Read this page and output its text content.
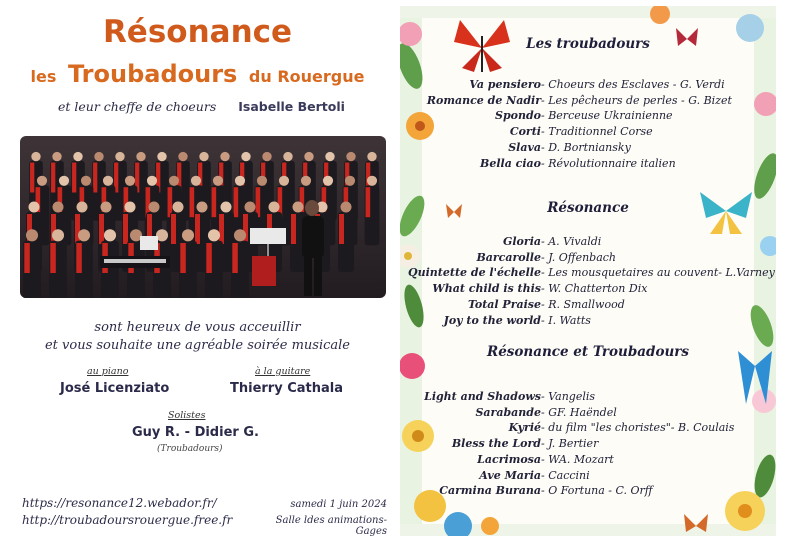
Résonance
les Troubadours du Rouergue
et leur cheffe de choeurs Isabelle Bertoli
sont heureux de vous acceuillir
et vous souhaite une agréable soirée musicale
au piano
José Licenziato
à la guitare
Thierry Cathala
Solistes
Guy R. - Didier G.
(Troubadours)
https://resonance12.webador.fr/
http://troubadoursrouergue.free.fr
samedi 1 juin 2024
Salle ldes animations-Gages
Les troubadours
Va pensiero - Choeurs des Esclaves - G. Verdi
Romance de Nadir - Les pêcheurs de perles - G. Bizet
Spondo - Berceuse Ukrainienne
Corti - Traditionnel Corse
Slava - D. Bortniansky
Bella ciao - Révolutionnaire italien
Résonance
Gloria - A. Vivaldi
Barcarolle - J. Offenbach
Quintette de l'échelle - Les mousquetaires au couvent- L.Varney
What child is this - W. Chatterton Dix
Total Praise - R. Smallwood
Joy to the world - I. Watts
Résonance et Troubadours
Light and Shadows - Vangelis
Sarabande - GF. Haëndel
Kyrié - du film "les choristes"- B. Coulais
Bless the Lord - J. Bertier
Lacrimosa - WA. Mozart
Ave Maria - Caccini
Carmina Burana - O Fortuna - C. Orff
